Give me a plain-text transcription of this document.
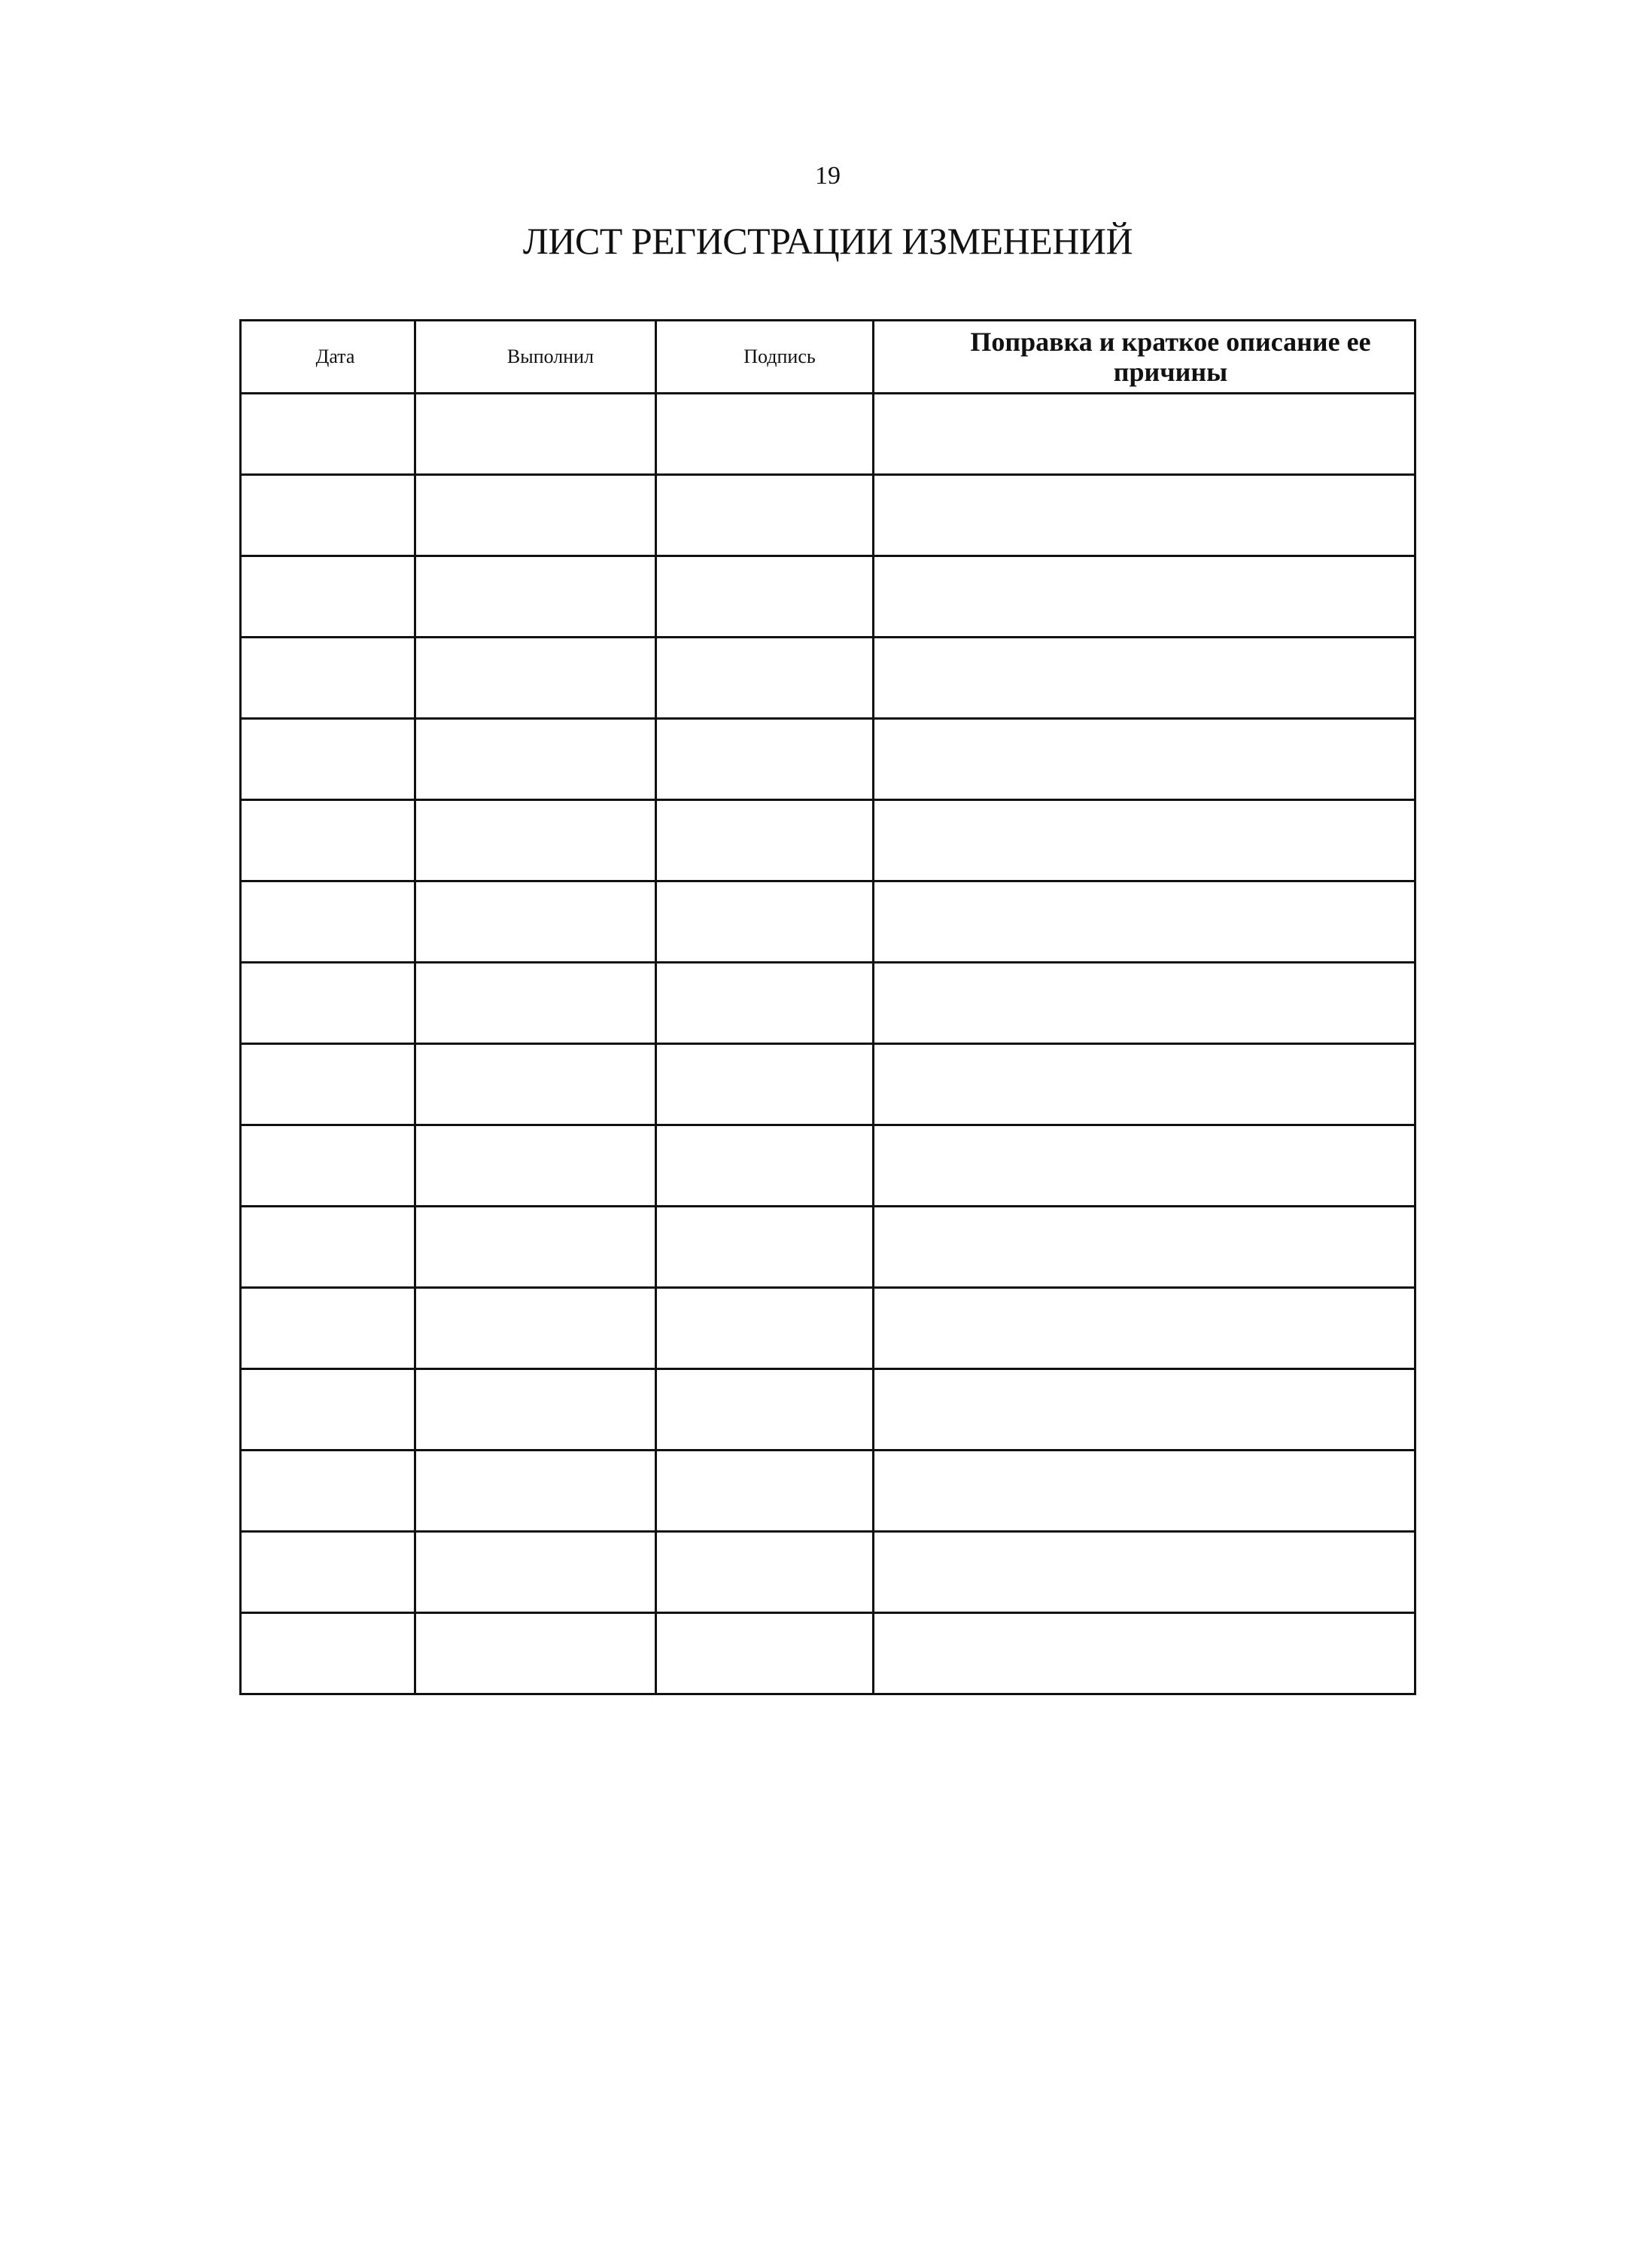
19
ЛИСТ РЕГИСТРАЦИИ ИЗМЕНЕНИЙ
Дата	Выполнил	Подпись	Поправка и краткое описание ее причины
